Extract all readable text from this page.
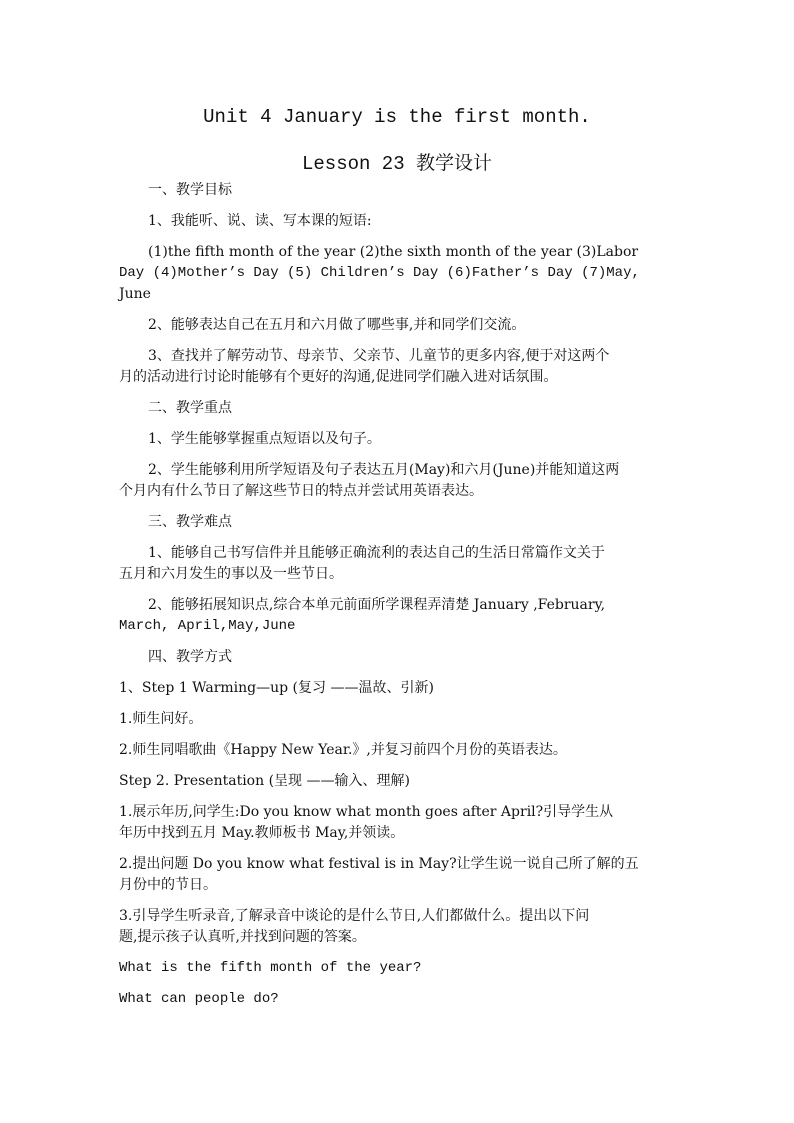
Unit 4 January is the first month.
Lesson 23 教学设计
一、教学目标
1、我能听、说、读、写本课的短语:
(1)the fifth month of the year (2)the sixth month of the year (3)Labor
Day (4)Mother’s Day (5) Children’s Day (6)Father’s Day (7)May,
June
2、能够表达自己在五月和六月做了哪些事,并和同学们交流。
3、查找并了解劳动节、母亲节、父亲节、儿童节的更多内容,便于对这两个
月的活动进行讨论时能够有个更好的沟通,促进同学们融入进对话氛围。
二、教学重点
1、学生能够掌握重点短语以及句子。
2、学生能够利用所学短语及句子表达五月(May)和六月(June)并能知道这两
个月内有什么节日了解这些节日的特点并尝试用英语表达。
三、教学难点
1、能够自己书写信件并且能够正确流利的表达自己的生活日常篇作文关于
五月和六月发生的事以及一些节日。
2、能够拓展知识点,综合本单元前面所学课程弄清楚 January ,February,
March, April,May,June
四、教学方式
1、Step 1 Warming—up (复习 ——温故、引新)
1.师生问好。
2.师生同唱歌曲《Happy New Year.》,并复习前四个月份的英语表达。
Step 2. Presentation (呈现 ——输入、理解)
1.展示年历,问学生:Do you know what month goes after April?引导学生从
年历中找到五月 May.教师板书 May,并领读。
2.提出问题 Do you know what festival is in May?让学生说一说自己所了解的五
月份中的节日。
3.引导学生听录音,了解录音中谈论的是什么节日,人们都做什么。提出以下问
题,提示孩子认真听,并找到问题的答案。
What is the fifth month of the year?
What can people do?
